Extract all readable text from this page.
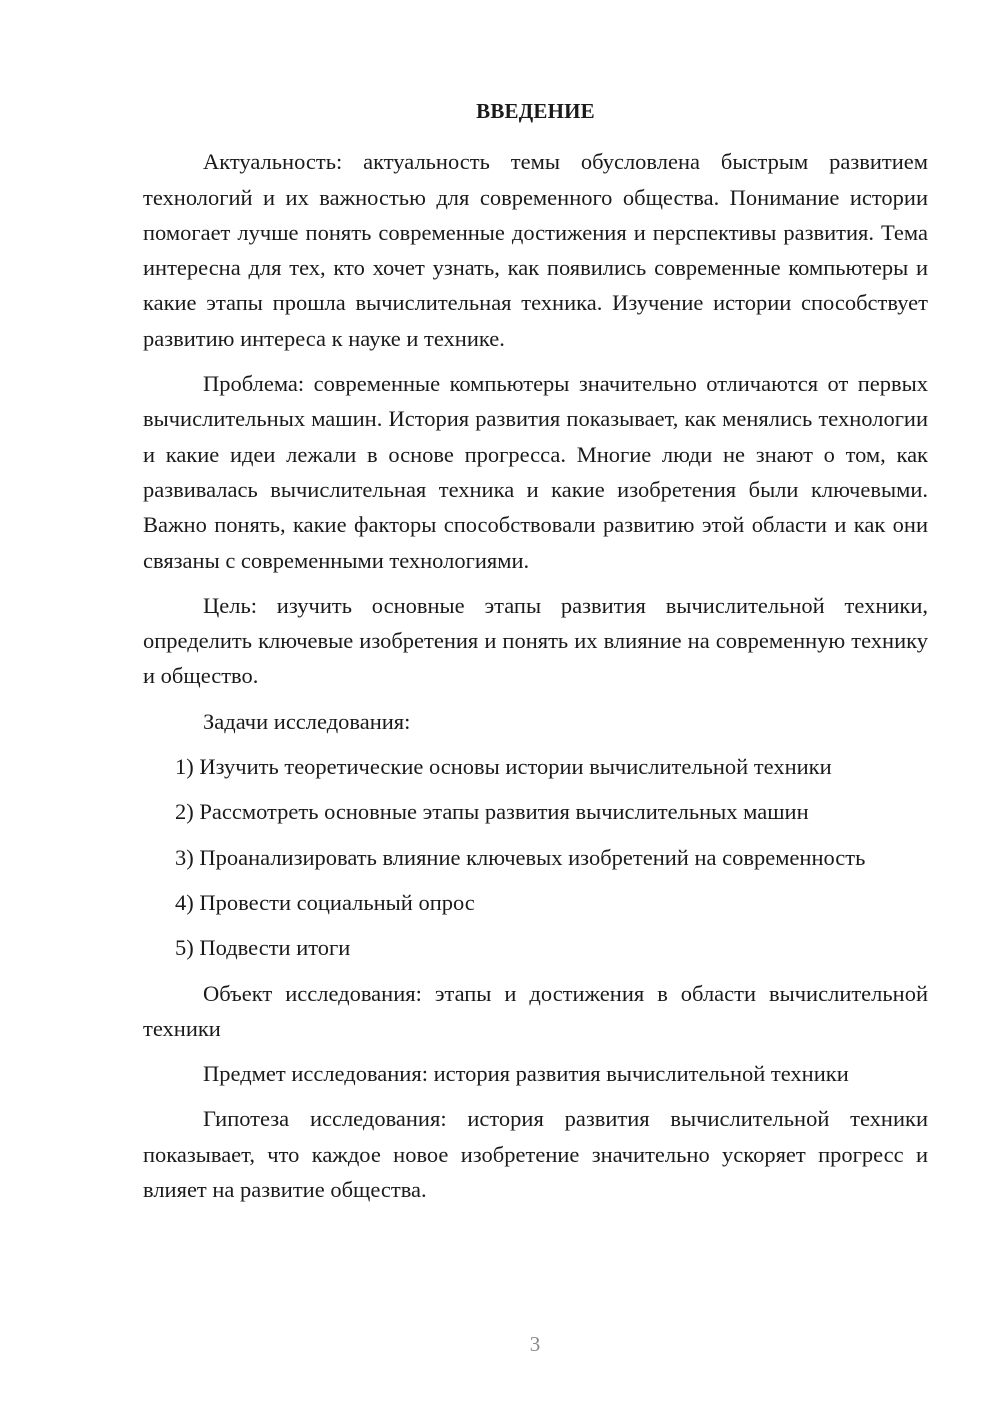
ВВЕДЕНИЕ
Актуальность: актуальность темы обусловлена быстрым развитием технологий и их важностью для современного общества. Понимание истории помогает лучше понять современные достижения и перспективы развития. Тема интересна для тех, кто хочет узнать, как появились современные компьютеры и какие этапы прошла вычислительная техника. Изучение истории способствует развитию интереса к науке и технике.
Проблема: современные компьютеры значительно отличаются от первых вычислительных машин. История развития показывает, как менялись технологии и какие идеи лежали в основе прогресса. Многие люди не знают о том, как развивалась вычислительная техника и какие изобретения были ключевыми. Важно понять, какие факторы способствовали развитию этой области и как они связаны с современными технологиями.
Цель: изучить основные этапы развития вычислительной техники, определить ключевые изобретения и понять их влияние на современную технику и общество.
Задачи исследования:
1) Изучить теоретические основы истории вычислительной техники
2) Рассмотреть основные этапы развития вычислительных машин
3) Проанализировать влияние ключевых изобретений на современность
4) Провести социальный опрос
5) Подвести итоги
Объект исследования: этапы и достижения в области вычислительной техники
Предмет исследования: история развития вычислительной техники
Гипотеза исследования: история развития вычислительной техники показывает, что каждое новое изобретение значительно ускоряет прогресс и влияет на развитие общества.
3
